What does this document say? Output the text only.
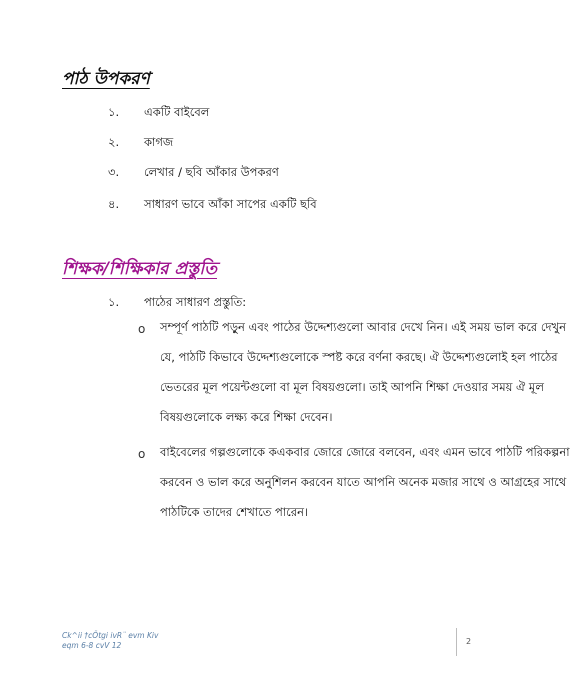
পাঠ উপকরণ
১. একটি বাইবেল
২. কাগজ
৩. লেখার / ছবি আঁকার উপকরণ
৪. সাধারণ ভাবে আঁকা সাপের একটি ছবি
শিক্ষক/শিক্ষিকার প্রস্তুতি
১. পাঠের সাধারণ প্রস্তুতি:
o সম্পূর্ণ পাঠটি পড়ুন এবং পাঠের উদ্দেশ্যগুলো আবার দেখে নিন। এই সময় ভাল করে দেখুন
যে, পাঠটি কিভাবে উদ্দেশ্যগুলোকে স্পষ্ট করে বর্ণনা করছে। ঐ উদ্দেশ্যগুলোই হল পাঠের
ভেতরের মূল পয়েন্টগুলো বা মূল বিষয়গুলো। তাই আপনি শিক্ষা দেওয়ার সময় ঐ মূল
বিষয়গুলোকে লক্ষ্য করে শিক্ষা দেবেন।
o বাইবেলের গল্পগুলোকে কএকবার জোরে জোরে বলবেন, এবং এমন ভাবে পাঠটি পরিকল্পনা
করবেন ও ভাল করে অনুশিলন করবেন যাতে আপনি অনেক মজার সাথে ও আগ্রহের সাথে
পাঠটিকে তাদের শেখাতে পারেন।
Ck^ii †cÖtgi ivR¨ evm Kiv
eqm 6-8 cvV 12	2
